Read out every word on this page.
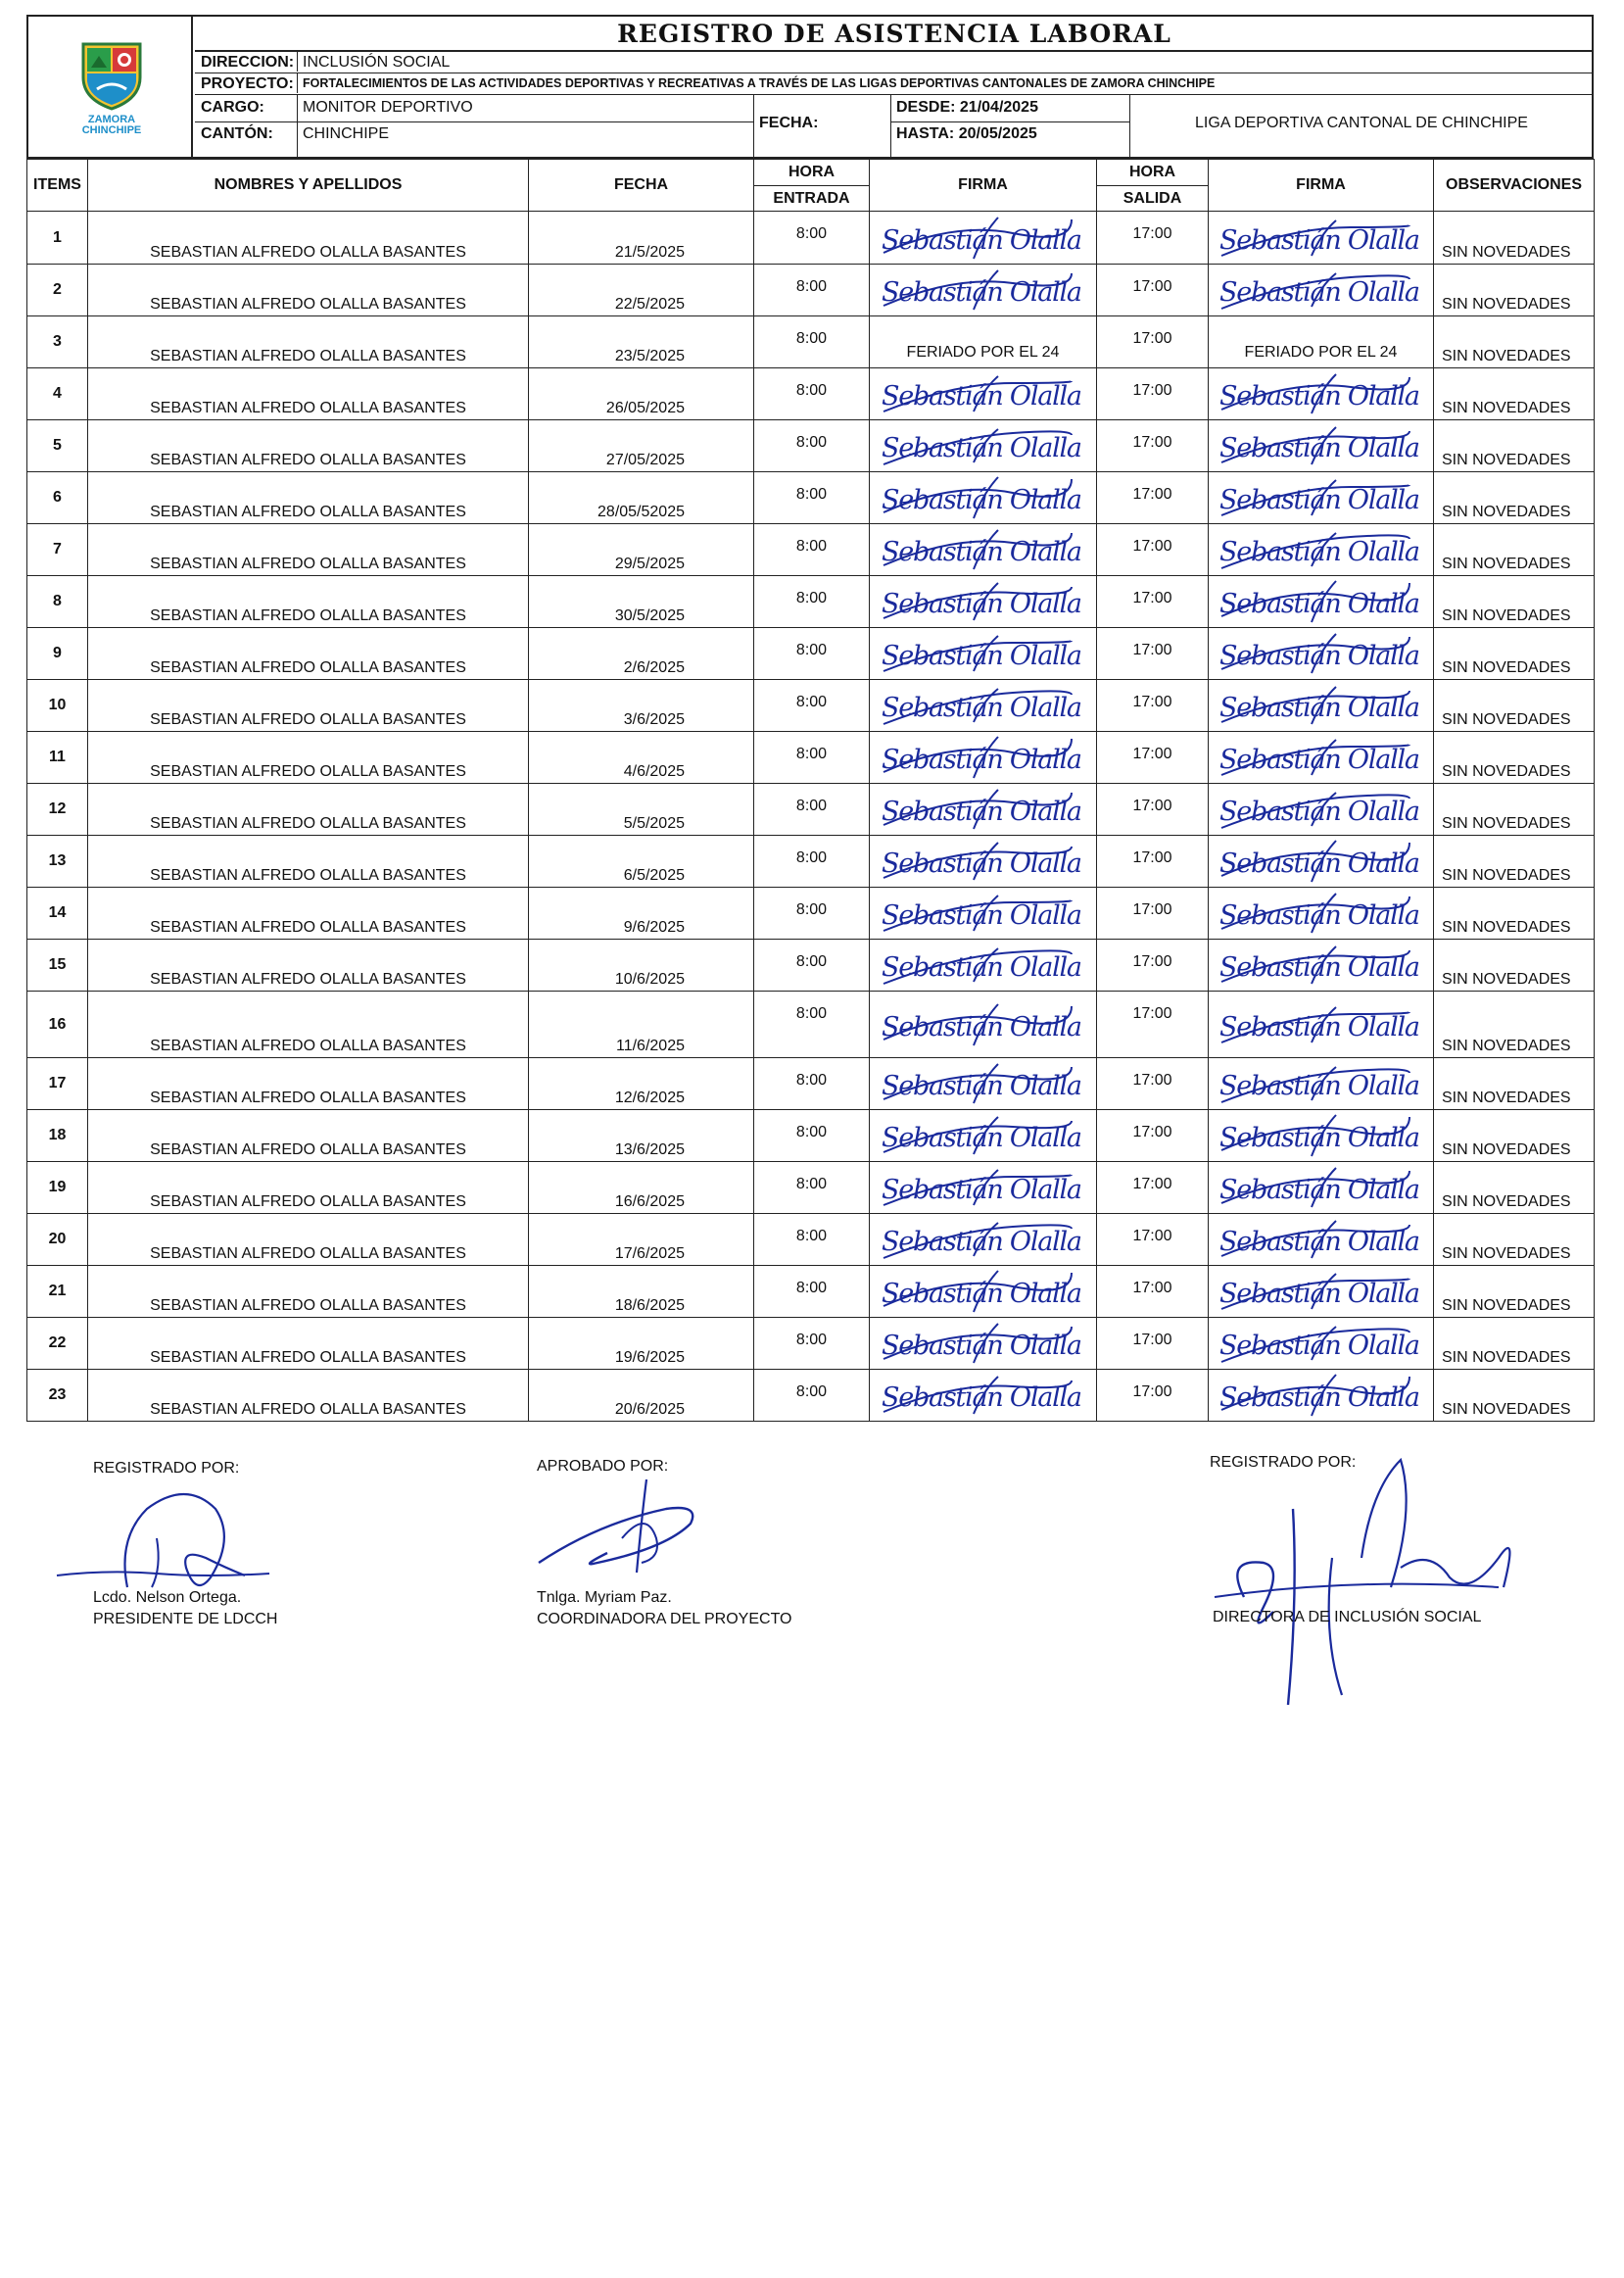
ZAMORA
CHINCHIPE
REGISTRO DE ASISTENCIA LABORAL
DIRECCION: INCLUSIÓN SOCIAL
PROYECTO: FORTALECIMIENTOS DE LAS ACTIVIDADES DEPORTIVAS Y RECREATIVAS A TRAVÉS DE LAS LIGAS DEPORTIVAS CANTONALES DE ZAMORA CHINCHIPE
CARGO: MONITOR DEPORTIVO
CANTÓN: CHINCHIPE
FECHA:
DESDE: 21/04/2025
HASTA: 20/05/2025
LIGA DEPORTIVA CANTONAL DE CHINCHIPE
ITEMS	NOMBRES Y APELLIDOS	FECHA	HORA	FIRMA	HORA	FIRMA	OBSERVACIONES
			ENTRADA		SALIDA		
1	SEBASTIAN ALFREDO OLALLA BASANTES	21/5/2025	8:00	Sebastián Olalla	17:00	Sebastián Olalla	SIN NOVEDADES
2	SEBASTIAN ALFREDO OLALLA BASANTES	22/5/2025	8:00	Sebastián Olalla	17:00	Sebastián Olalla	SIN NOVEDADES
3	SEBASTIAN ALFREDO OLALLA BASANTES	23/5/2025	8:00	FERIADO POR EL 24	17:00	FERIADO POR EL 24	SIN NOVEDADES
4	SEBASTIAN ALFREDO OLALLA BASANTES	26/05/2025	8:00	Sebastián Olalla	17:00	Sebastián Olalla	SIN NOVEDADES
5	SEBASTIAN ALFREDO OLALLA BASANTES	27/05/2025	8:00	Sebastián Olalla	17:00	Sebastián Olalla	SIN NOVEDADES
6	SEBASTIAN ALFREDO OLALLA BASANTES	28/05/52025	8:00	Sebastián Olalla	17:00	Sebastián Olalla	SIN NOVEDADES
7	SEBASTIAN ALFREDO OLALLA BASANTES	29/5/2025	8:00	Sebastián Olalla	17:00	Sebastián Olalla	SIN NOVEDADES
8	SEBASTIAN ALFREDO OLALLA BASANTES	30/5/2025	8:00	Sebastián Olalla	17:00	Sebastián Olalla	SIN NOVEDADES
9	SEBASTIAN ALFREDO OLALLA BASANTES	2/6/2025	8:00	Sebastián Olalla	17:00	Sebastián Olalla	SIN NOVEDADES
10	SEBASTIAN ALFREDO OLALLA BASANTES	3/6/2025	8:00	Sebastián Olalla	17:00	Sebastián Olalla	SIN NOVEDADES
11	SEBASTIAN ALFREDO OLALLA BASANTES	4/6/2025	8:00	Sebastián Olalla	17:00	Sebastián Olalla	SIN NOVEDADES
12	SEBASTIAN ALFREDO OLALLA BASANTES	5/5/2025	8:00	Sebastián Olalla	17:00	Sebastián Olalla	SIN NOVEDADES
13	SEBASTIAN ALFREDO OLALLA BASANTES	6/5/2025	8:00	Sebastián Olalla	17:00	Sebastián Olalla	SIN NOVEDADES
14	SEBASTIAN ALFREDO OLALLA BASANTES	9/6/2025	8:00	Sebastián Olalla	17:00	Sebastián Olalla	SIN NOVEDADES
15	SEBASTIAN ALFREDO OLALLA BASANTES	10/6/2025	8:00	Sebastián Olalla	17:00	Sebastián Olalla	SIN NOVEDADES
16	SEBASTIAN ALFREDO OLALLA BASANTES	11/6/2025	8:00	Sebastián Olalla	17:00	Sebastián Olalla	SIN NOVEDADES
17	SEBASTIAN ALFREDO OLALLA BASANTES	12/6/2025	8:00	Sebastián Olalla	17:00	Sebastián Olalla	SIN NOVEDADES
18	SEBASTIAN ALFREDO OLALLA BASANTES	13/6/2025	8:00	Sebastián Olalla	17:00	Sebastián Olalla	SIN NOVEDADES
19	SEBASTIAN ALFREDO OLALLA BASANTES	16/6/2025	8:00	Sebastián Olalla	17:00	Sebastián Olalla	SIN NOVEDADES
20	SEBASTIAN ALFREDO OLALLA BASANTES	17/6/2025	8:00	Sebastián Olalla	17:00	Sebastián Olalla	SIN NOVEDADES
21	SEBASTIAN ALFREDO OLALLA BASANTES	18/6/2025	8:00	Sebastián Olalla	17:00	Sebastián Olalla	SIN NOVEDADES
22	SEBASTIAN ALFREDO OLALLA BASANTES	19/6/2025	8:00	Sebastián Olalla	17:00	Sebastián Olalla	SIN NOVEDADES
23	SEBASTIAN ALFREDO OLALLA BASANTES	20/6/2025	8:00	Sebastián Olalla	17:00	Sebastián Olalla	SIN NOVEDADES
REGISTRADO POR:
Lcdo. Nelson Ortega.
PRESIDENTE DE LDCCH
APROBADO POR:
Tnlga. Myriam Paz.
COORDINADORA DEL PROYECTO
REGISTRADO POR:
DIRECTORA DE INCLUSIÓN SOCIAL
